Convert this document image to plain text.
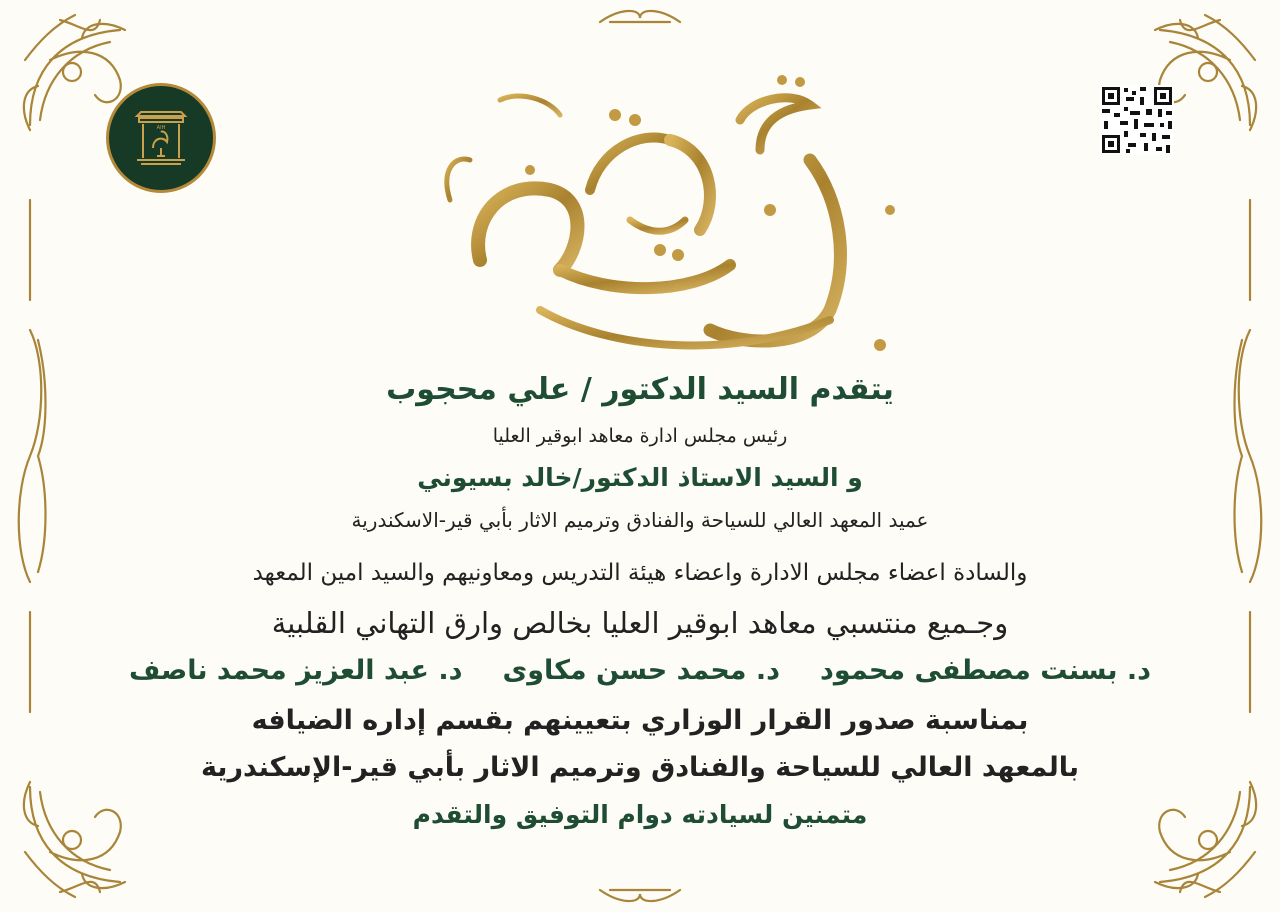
AIH
برقية تهنئة
يتقدم السيد الدكتور / علي محجوب
رئيس مجلس ادارة معاهد ابوقير العليا
و السيد الاستاذ الدكتور/خالد بسيوني
عميد المعهد العالي للسياحة والفنادق وترميم الاثار بأبي قير-الاسكندرية
والسادة اعضاء مجلس الادارة واعضاء هيئة التدريس ومعاونيهم والسيد امين المعهد
وجـميع منتسبي معاهد ابوقير العليا بخالص وارق التهاني القلبية
د. بسنت مصطفى محمود
د. محمد حسن مكاوى
د. عبد العزيز محمد ناصف
بمناسبة صدور القرار الوزاري بتعيينهم بقسم إداره الضيافه
بالمعهد العالي للسياحة والفنادق وترميم الاثار بأبي قير-الإسكندرية
متمنين لسيادته دوام التوفيق والتقدم
